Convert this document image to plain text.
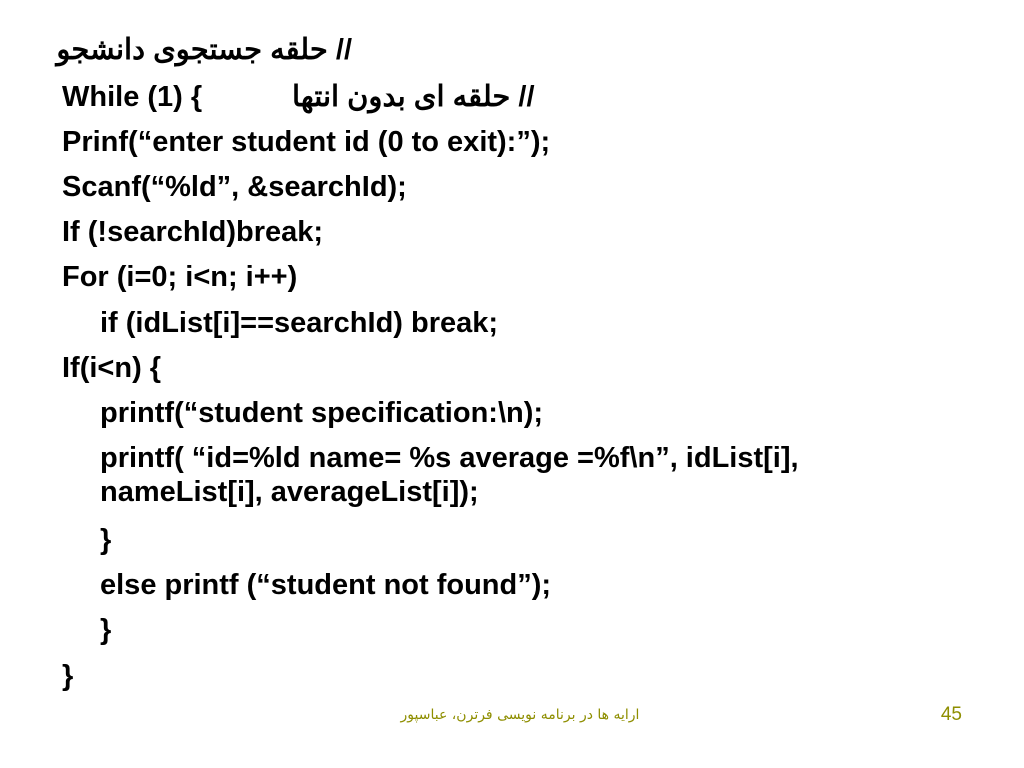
// حلقه جستجوی دانشجو
While (1) {	// حلقه ای بدون انتها
Prinf(“enter student id (0 to exit):”);
Scanf(“%ld”, &searchId);
If (!searchId)break;
For (i=0; i<n; i++)
if (idList[i]==searchId) break;
If(i<n) {
printf(“student specification:\n);
printf( “id=%ld name= %s average =%f\n”, idList[i], nameList[i], averageList[i]);
}
else printf (“student not found”);
}
}
ارایه ها در برنامه نویسی فرترن، عباسپور	45
